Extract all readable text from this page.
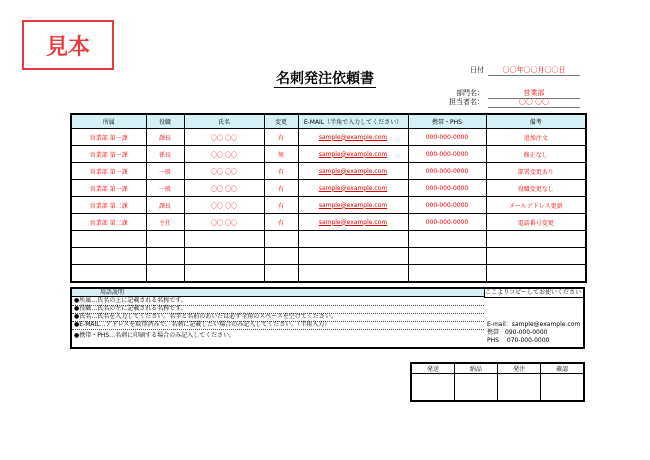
見本
名刺発注依頼書
日付	〇〇年〇〇月〇〇日
部門名：	営業部
担当者名：	〇〇 〇〇
所属	役職	氏名	変更	E-MAIL（半角で入力してください）	携帯・PHS	備考
営業部 第一課	課長	〇〇 〇〇	有	sample@example.com	000-000-0000	追加注文
営業部 第一課	係長	〇〇 〇〇	無	sample@example.com	000-000-0000	修正なし
営業部 第一課	一般	〇〇 〇〇	有	sample@example.com	000-000-0000	部署変更あり
営業部 第一課	一般	〇〇 〇〇	有	sample@example.com	000-000-0000	役職変更なし
営業部 第二課	課長	〇〇 〇〇	有	sample@example.com	000-000-0000	メールアドレス更新
営業部 第二課	主任	〇〇 〇〇	有	sample@example.com	000-000-0000	電話番号変更

用語説明	ここよりコピーしてお使いください
●所属…氏名の上に記載される名称です。
●役職…氏名の左に記載される名称です。
●氏名…氏名を入力してください。名字と名前のあいだは必ず全角のスペースを空けてください。
●E-MAIL…アドレスを取得済みで、名刺に記載したい場合のみ記入してください。（半角入力）
●携帯・PHS…名刺に印刷する場合のみ記入してください。
E-mail：sample@example.com
携帯　090-000-0000
PHS　 070-000-0000
発送	納品	発注	確認
